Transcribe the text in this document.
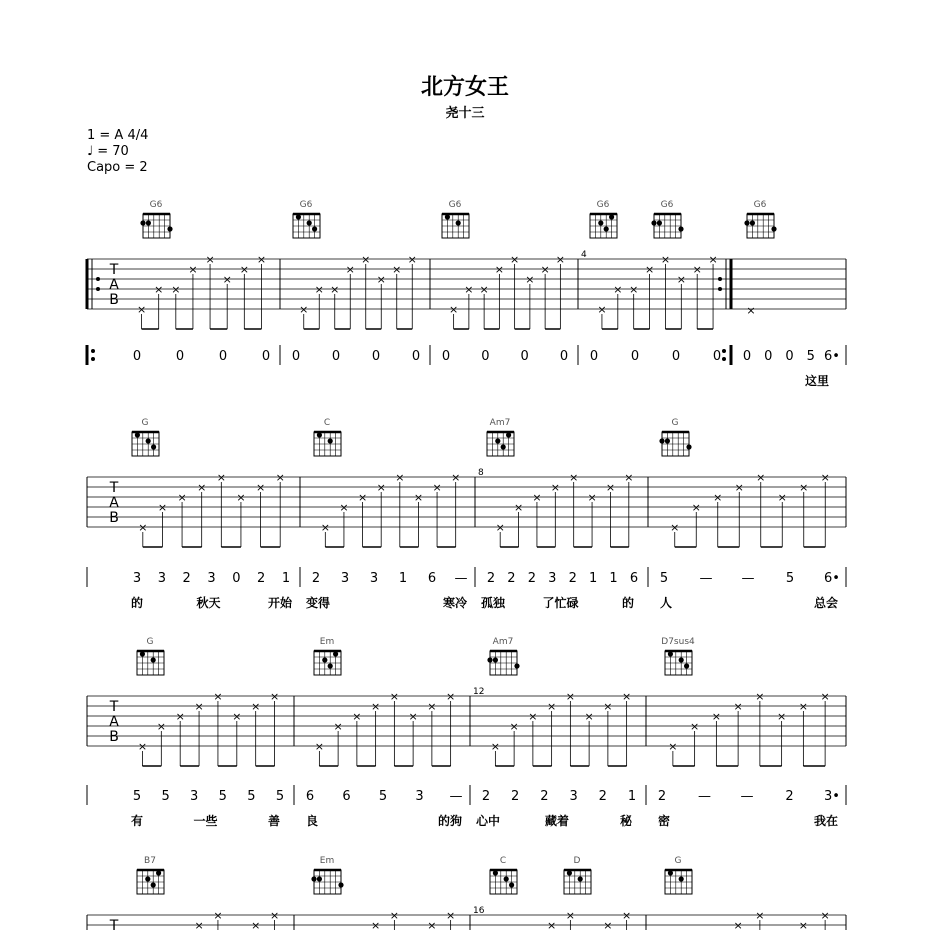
北方女王
尧十三
1 = A 4/4
♩ = 70
Capo = 2
G6	G6	G6	G6	G6	G6
T
A
B
4
×
× ×
×
×
×
×
×
×
× ×
×
×
×
×
×
×
× ×
×
×
×
×
×
×
× ×
×
×
×
×
×
×
0	0	0	0 0 0 0 0 0 0 0 0 0	0	0	0 0 0 0 5 6•
这里
G	C	Am7	G
T
A
B
8
×
×
×
×
×
×
×
×
×
×
×
×
×
×
×
×
×
×
×
×
×
×
×
×
×
×
×
×
×
×
×
×
3 3 2 3 0 2 1 2 3 3 1 6 — 2 2 2 3 2 1 1 6 5 — — 5 6•
的	秋天	开始 变得	寒冷 孤独	了忙碌	的 人	总会
G	Em	Am7	D7sus4
T
A
B
12
×
×
×
×
×
×
×
×
×
×
×
×
×
×
×
×
×
×
×
×
×
×
×
×
×
×
×
×
×
×
×
×
5 5 3 5 5 5 6 6 5 3 — 2 2 2 3 2 1 2 — — 2 3•
有	一些	善 良	的狗 心中	藏着	秘 密	我在
B7	Em	C	D	G
T
16
×
×
×
×
×
×
×
×
×
×
×
×
×
×
×
×
